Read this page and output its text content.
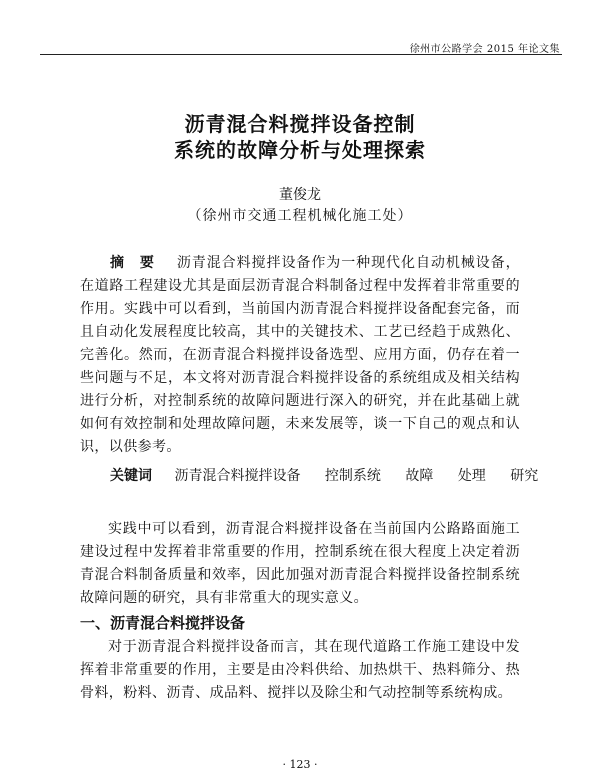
徐州市公路学会 2015 年论文集
沥青混合料搅拌设备控制
系统的故障分析与处理探索
董俊龙
（徐州市交通工程机械化施工处）
摘　要 沥青混合料搅拌设备作为一种现代化自动机械设备，在道路工程建设尤其是面层沥青混合料制备过程中发挥着非常重要的作用。实践中可以看到，当前国内沥青混合料搅拌设备配套完备，而且自动化发展程度比较高，其中的关键技术、工艺已经趋于成熟化、完善化。然而，在沥青混合料搅拌设备选型、应用方面，仍存在着一些问题与不足，本文将对沥青混合料搅拌设备的系统组成及相关结构进行分析，对控制系统的故障问题进行深入的研究，并在此基础上就如何有效控制和处理故障问题，未来发展等，谈一下自己的观点和认识，以供参考。
关键词 沥青混合料搅拌设备 控制系统 故障 处理 研究
实践中可以看到，沥青混合料搅拌设备在当前国内公路路面施工建设过程中发挥着非常重要的作用，控制系统在很大程度上决定着沥青混合料制备质量和效率，因此加强对沥青混合料搅拌设备控制系统故障问题的研究，具有非常重大的现实意义。
一、沥青混合料搅拌设备
对于沥青混合料搅拌设备而言，其在现代道路工作施工建设中发挥着非常重要的作用，主要是由冷料供给、加热烘干、热料筛分、热骨料，粉料、沥青、成品料、搅拌以及除尘和气动控制等系统构成。
· 123 ·
